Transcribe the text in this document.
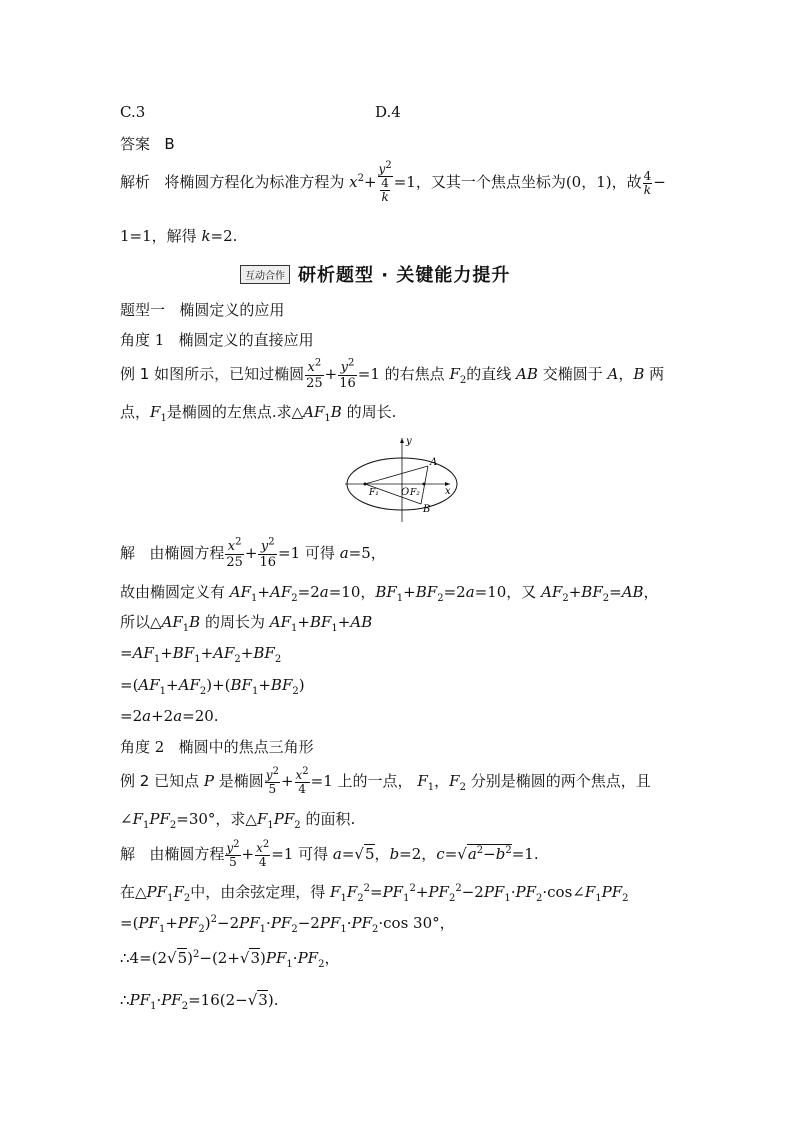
C.3	D.4
答案 B
解析 将椭圆方程化为标准方程为 $x^2+ \frac{y^2}{\frac{4}{k}} =1$，又其一个焦点坐标为(0，1)，故 $\frac{4}{k}$ −
1=1，解得 k=2.
互动合作 研析题型 · 关键能力提升
题型一 椭圆定义的应用
角度 1 椭圆定义的直接应用
例 1 如图所示，已知过椭圆 $\frac{x^2}{25} + \frac{y^2}{16} =1$ 的右焦点 $F_2$的直线 AB 交椭圆于 A，B 两
点，$F_1$是椭圆的左焦点.求$\triangle AF_1B$ 的周长.
y
x
A
B
F₁ O F₂
解 由椭圆方程 $\frac{x^2}{25} + \frac{y^2}{16} =1$ 可得 a=5，
故由椭圆定义有 $AF_1+AF_2=2a=10$，$BF_1+BF_2=2a=10$，又 $AF_2+BF_2=AB$，
所以$\triangle AF_1B$ 的周长为 $AF_1+BF_1+AB$
$=AF_1+BF_1+AF_2+BF_2$
$=(AF_1+AF_2)+(BF_1+BF_2)$
=2a+2a=20.
角度 2 椭圆中的焦点三角形
例 2 已知点 P 是椭圆 $\frac{y^2}{5} + \frac{x^2}{4} =1$ 上的一点， $F_1$，$F_2$ 分别是椭圆的两个焦点，且
$\angle F_1PF_2=30^\circ$，求$\triangle F_1PF_2$ 的面积.
解 由椭圆方程 $\frac{y^2}{5} + \frac{x^2}{4} =1$ 可得 a=√5，b=2，$c=√a^2-b^2=1$.
在$\triangle PF_1F_2$中，由余弦定理，得 $F_1F_2^2=PF_1^2+PF_2^2-2PF_1\cdot PF_2\cdot\cos\angle F_1PF_2$
$=(PF_1+PF_2)^2-2PF_1\cdot PF_2-2PF_1\cdot PF_2\cdot\cos$ 30°，
$\therefore 4=(2√5)^2-(2+√3)PF_1\cdot PF_2$，
$\therefore PF_1\cdot PF_2=16(2-√3)$.
